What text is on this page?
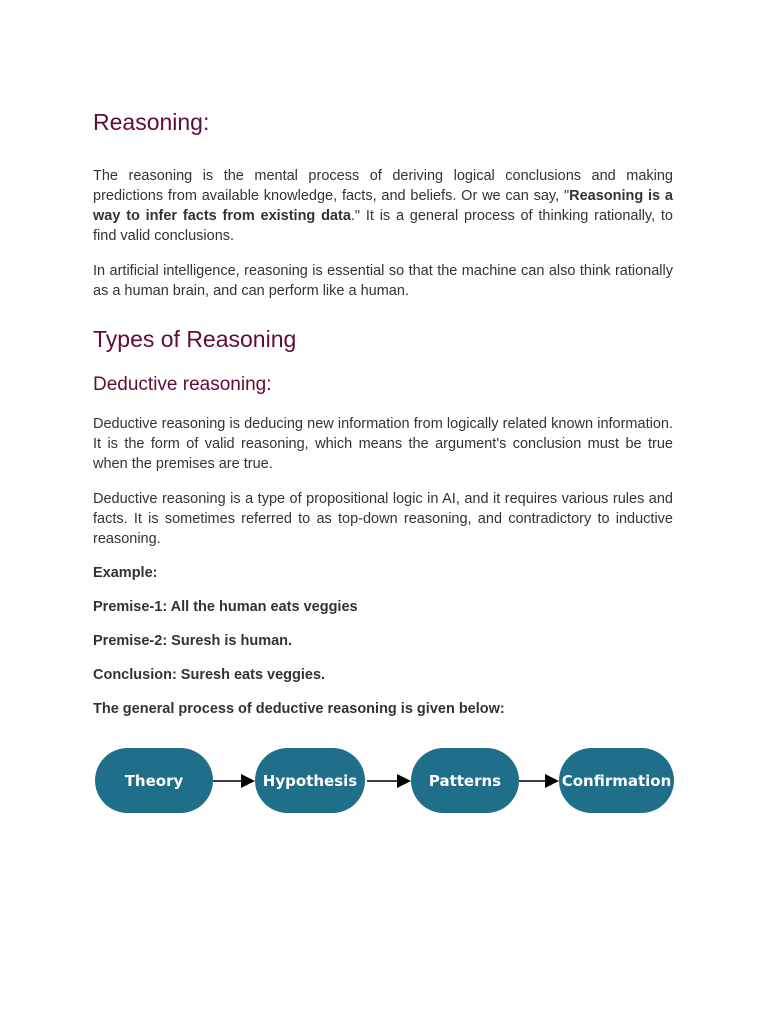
Reasoning:

The reasoning is the mental process of deriving logical conclusions and making predictions from available knowledge, facts, and beliefs. Or we can say, "Reasoning is a way to infer facts from existing data." It is a general process of thinking rationally, to find valid conclusions.

In artificial intelligence, reasoning is essential so that the machine can also think rationally as a human brain, and can perform like a human.

Types of Reasoning
Deductive reasoning:

Deductive reasoning is deducing new information from logically related known information. It is the form of valid reasoning, which means the argument's conclusion must be true when the premises are true.

Deductive reasoning is a type of propositional logic in AI, and it requires various rules and facts. It is sometimes referred to as top-down reasoning, and contradictory to inductive reasoning.

Example:

Premise-1: All the human eats veggies

Premise-2: Suresh is human.

Conclusion: Suresh eats veggies.

The general process of deductive reasoning is given below:

Theory	Hypothesis	Patterns	Confirmation
